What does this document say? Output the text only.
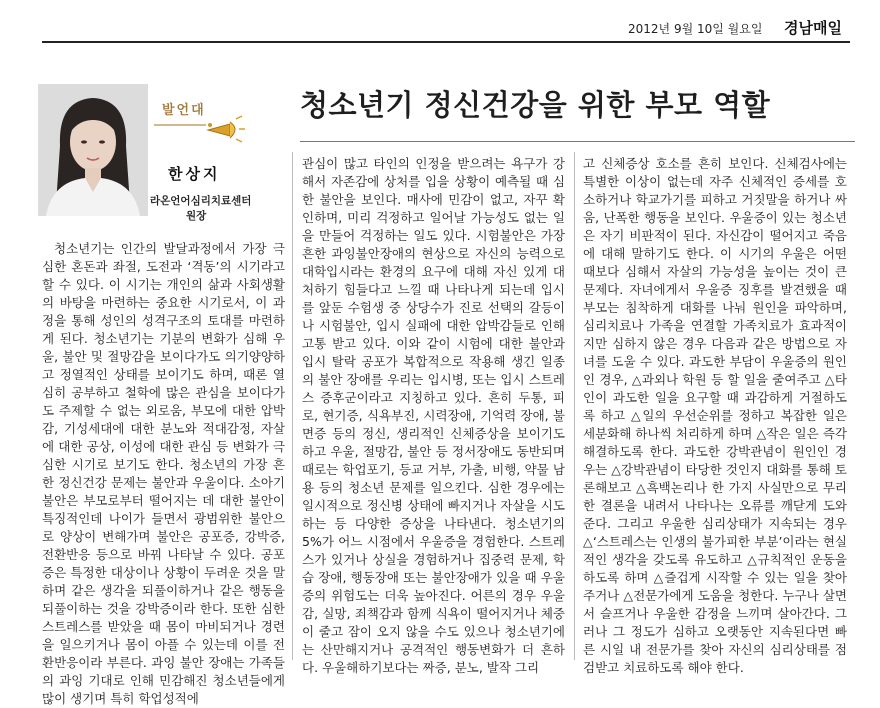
2012년 9월 10일 월요일 경남매일
발언대
한상지
라온언어심리치료센터
원장
청소년기 정신건강을 위한 부모 역할

청소년기는 인간의 발달과정에서 가장 극심한 혼돈과 좌절, 도전과 ‘격동’의 시기라고 할 수 있다. 이 시기는 개인의 삶과 사회생활의 바탕을 마련하는 중요한 시기로서, 이 과정을 통해 성인의 성격구조의 토대를 마련하게 된다. 청소년기는 기분의 변화가 심해 우울, 불안 및 절망감을 보이다가도 의기양양하고 정열적인 상태를 보이기도 하며, 때론 열심히 공부하고 철학에 많은 관심을 보이다가도 주제할 수 없는 외로움, 부모에 대한 압박감, 기성세대에 대한 분노와 적대감정, 자살에 대한 공상, 이성에 대한 관심 등 변화가 극심한 시기로 보기도 한다. 청소년의 가장 흔한 정신건강 문제는 불안과 우울이다. 소아기 불안은 부모로부터 떨어지는 데 대한 불안이 특징적인데 나이가 들면서 광범위한 불안으로 양상이 변해가며 불안은 공포증, 강박증, 전환반응 등으로 바꿔 나타날 수 있다. 공포증은 특정한 대상이나 상황이 두려운 것을 말하며 같은 생각을 되풀이하거나 같은 행동을 되풀이하는 것을 강박증이라 한다. 또한 심한 스트레스를 받았을 때 몸이 마비되거나 경련을 일으키거나 몸이 아플 수 있는데 이를 전환반응이라 부른다. 과잉 불안 장애는 가족들의 과잉 기대로 인해 민감해진 청소년들에게 많이 생기며 특히 학업성적에

관심이 많고 타인의 인정을 받으려는 욕구가 강해서 자존감에 상처를 입을 상황이 예측될 때 심한 불안을 보인다. 매사에 민감이 없고, 자꾸 확인하며, 미리 걱정하고 일어날 가능성도 없는 일을 만들어 걱정하는 일도 있다. 시험불안은 가장 흔한 과잉불안장애의 현상으로 자신의 능력으로 대학입시라는 환경의 요구에 대해 자신 있게 대처하기 힘들다고 느낄 때 나타나게 되는데 입시를 앞둔 수험생 중 상당수가 진로 선택의 갈등이나 시험불안, 입시 실패에 대한 압박감들로 인해 고통 받고 있다. 이와 같이 시험에 대한 불안과 입시 탈락 공포가 복합적으로 작용해 생긴 일종의 불안 장애를 우리는 입시병, 또는 입시 스트레스 증후군이라고 지칭하고 있다. 흔히 두통, 피로, 현기증, 식욕부진, 시력장애, 기억력 장애, 불면증 등의 정신, 생리적인 신체증상을 보이기도 하고 우울, 절망감, 불안 등 정서장애도 동반되며 때로는 학업포기, 등교 거부, 가출, 비행, 약물 남용 등의 청소년 문제를 일으킨다. 심한 경우에는 일시적으로 정신병 상태에 빠지거나 자살을 시도하는 등 다양한 증상을 나타낸다. 청소년기의 5%가 어느 시점에서 우울증을 경험한다. 스트레스가 있거나 상실을 경험하거나 집중력 문제, 학습 장애, 행동장애 또는 불안장애가 있을 때 우울증의 위험도는 더욱 높아진다. 어른의 경우 우울감, 실망, 죄책감과 함께 식욕이 떨어지거나 체중이 줄고 잠이 오지 않을 수도 있으나 청소년기에는 산만해지거나 공격적인 행동변화가 더 흔하다. 우울해하기보다는 짜증, 분노, 발작 그리

고 신체증상 호소를 흔히 보인다. 신체검사에는 특별한 이상이 없는데 자주 신체적인 증세를 호소하거나 학교가기를 피하고 거짓말을 하거나 싸움, 난폭한 행동을 보인다. 우울증이 있는 청소년은 자기 비판적이 된다. 자신감이 떨어지고 죽음에 대해 말하기도 한다. 이 시기의 우울은 어떤 때보다 심해서 자살의 가능성을 높이는 것이 큰 문제다. 자녀에게서 우울증 징후를 발견했을 때 부모는 침착하게 대화를 나눠 원인을 파악하며, 심리치료나 가족을 연결할 가족치료가 효과적이지만 심하지 않은 경우 다음과 같은 방법으로 자녀를 도울 수 있다. 과도한 부담이 우울증의 원인인 경우, △과외나 학원 등 할 일을 줄여주고 △타인이 과도한 일을 요구할 때 과감하게 거절하도록 하고 △일의 우선순위를 정하고 복잡한 일은 세분화해 하나씩 처리하게 하며 △작은 일은 즉각 해결하도록 한다. 과도한 강박관념이 원인인 경우는 △강박관념이 타당한 것인지 대화를 통해 토론해보고 △흑백논리나 한 가지 사실만으로 무리한 결론을 내려서 나타나는 오류를 깨닫게 도와준다. 그리고 우울한 심리상태가 지속되는 경우 △‘스트레스는 인생의 불가피한 부분’이라는 현실적인 생각을 갖도록 유도하고 △규칙적인 운동을 하도록 하며 △즐겁게 시작할 수 있는 일을 찾아주거나 △전문가에게 도움을 청한다. 누구나 살면서 슬프거나 우울한 감정을 느끼며 살아간다. 그러나 그 정도가 심하고 오랫동안 지속된다면 빠른 시일 내 전문가를 찾아 자신의 심리상태를 점검받고 치료하도록 해야 한다.
